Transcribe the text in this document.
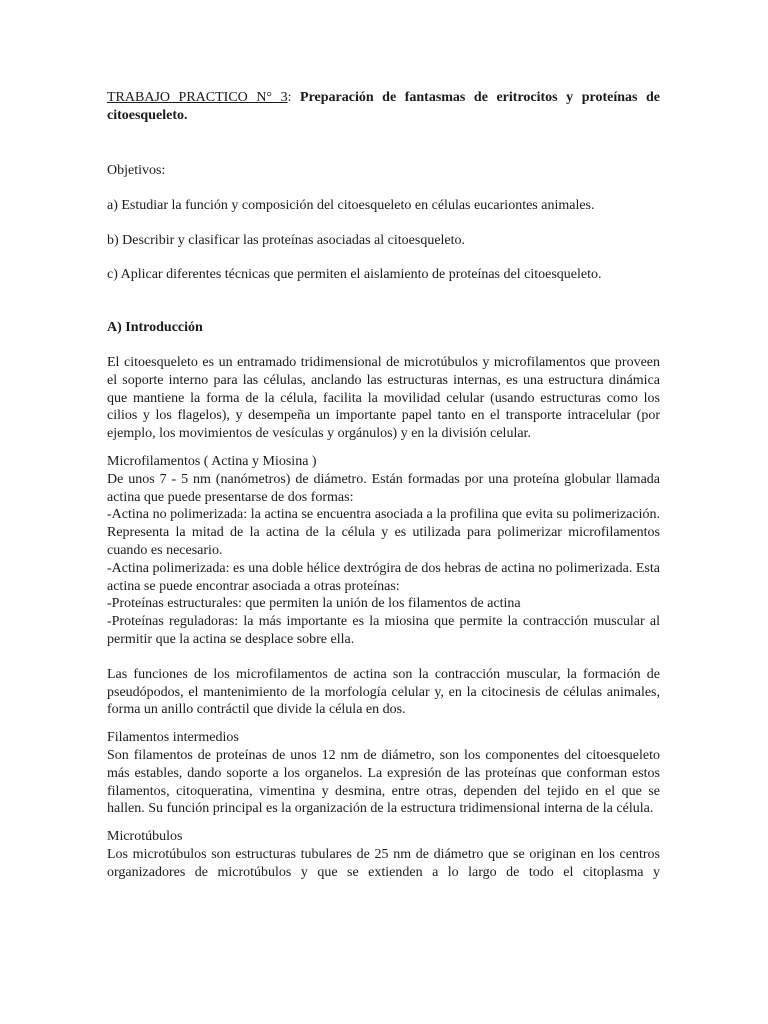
TRABAJO PRACTICO N° 3: Preparación de fantasmas de eritrocitos y proteínas de citoesqueleto.

Objetivos:

a) Estudiar la función y composición del citoesqueleto en células eucariontes animales.

b) Describir y clasificar las proteínas asociadas al citoesqueleto.

c) Aplicar diferentes técnicas que permiten el aislamiento de proteínas del citoesqueleto.

A) Introducción

El citoesqueleto es un entramado tridimensional de microtúbulos y microfilamentos que proveen el soporte interno para las células, anclando las estructuras internas, es una estructura dinámica que mantiene la forma de la célula, facilita la movilidad celular (usando estructuras como los cilios y los flagelos), y desempeña un importante papel tanto en el transporte intracelular (por ejemplo, los movimientos de vesículas y orgánulos) y en la división celular.

Microfilamentos ( Actina y Miosina )

De unos 7 - 5 nm (nanómetros) de diámetro. Están formadas por una proteína globular llamada actina que puede presentarse de dos formas:

-Actina no polimerizada: la actina se encuentra asociada a la profilina que evita su polimerización. Representa la mitad de la actina de la célula y es utilizada para polimerizar microfilamentos cuando es necesario.

-Actina polimerizada: es una doble hélice dextrógira de dos hebras de actina no polimerizada. Esta actina se puede encontrar asociada a otras proteínas:

-Proteínas estructurales: que permiten la unión de los filamentos de actina

-Proteínas reguladoras: la más importante es la miosina que permite la contracción muscular al permitir que la actina se desplace sobre ella.

Las funciones de los microfilamentos de actina son la contracción muscular, la formación de pseudópodos, el mantenimiento de la morfología celular y, en la citocinesis de células animales, forma un anillo contráctil que divide la célula en dos.

Filamentos intermedios

Son filamentos de proteínas de unos 12 nm de diámetro, son los componentes del citoesqueleto más estables, dando soporte a los organelos. La expresión de las proteínas que conforman estos filamentos, citoqueratina, vimentina y desmina, entre otras, dependen del tejido en el que se hallen. Su función principal es la organización de la estructura tridimensional interna de la célula.

Microtúbulos

Los microtúbulos son estructuras tubulares de 25 nm de diámetro que se originan en los centros organizadores de microtúbulos y que se extienden a lo largo de todo el citoplasma y
